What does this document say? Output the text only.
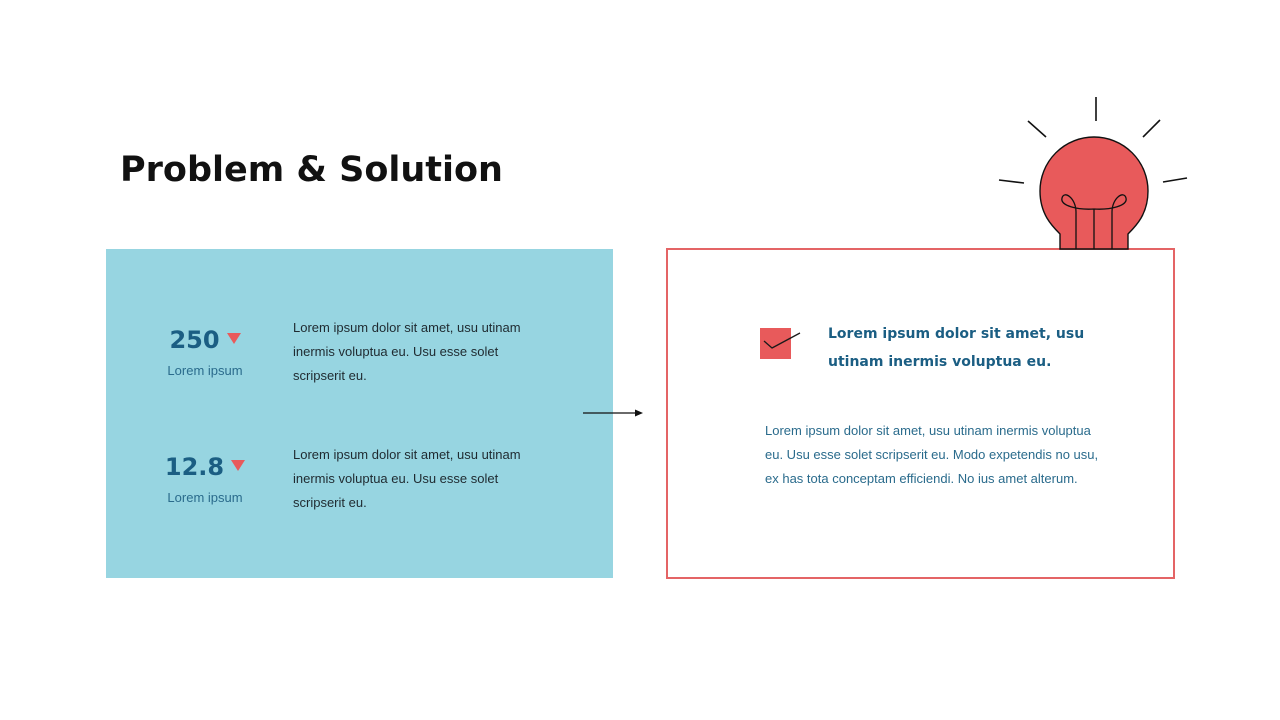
Problem & Solution
250
Lorem ipsum

Lorem ipsum dolor sit amet, usu utinam inermis voluptua eu. Usu esse solet scripserit eu.

12.8
Lorem ipsum

Lorem ipsum dolor sit amet, usu utinam inermis voluptua eu. Usu esse solet scripserit eu.

Lorem ipsum dolor sit amet, usu utinam inermis voluptua eu.

Lorem ipsum dolor sit amet, usu utinam inermis voluptua eu. Usu esse solet scripserit eu. Modo expetendis no usu, ex has tota conceptam efficiendi. No ius amet alterum.
